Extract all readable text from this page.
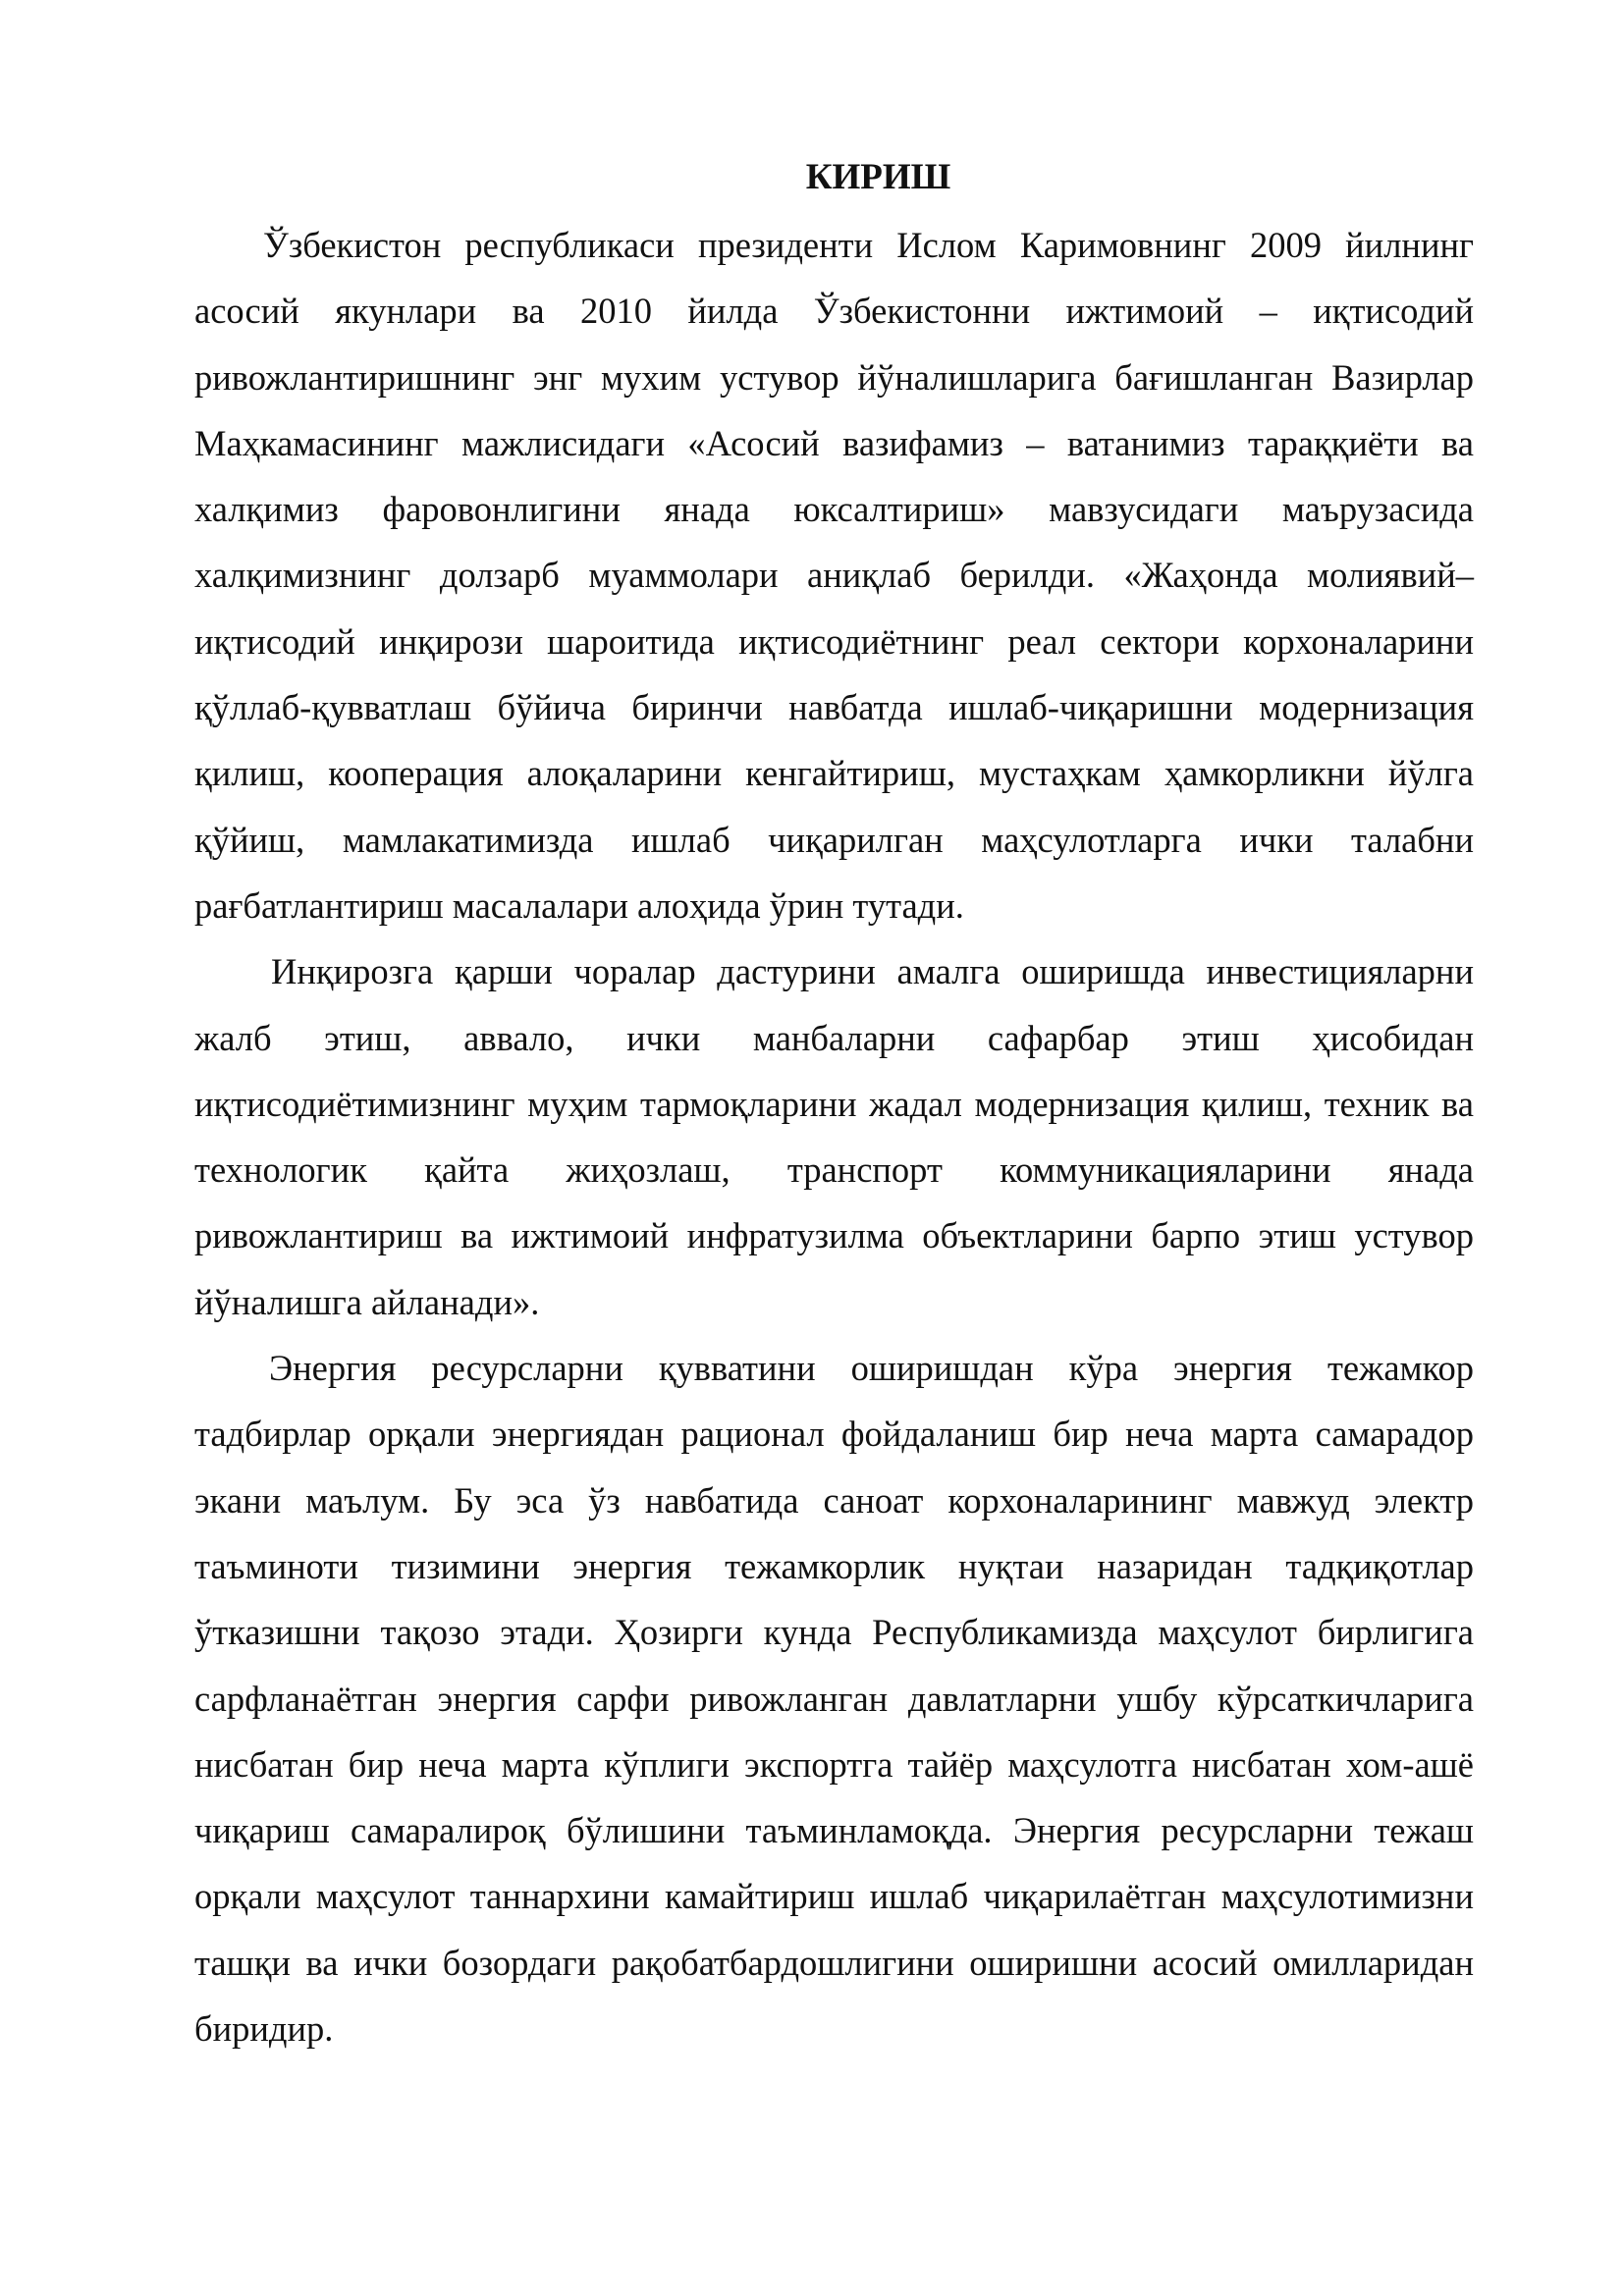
КИРИШ

Ўзбекистон республикаси президенти Ислом Каримовнинг 2009 йилнинг асосий якунлари ва 2010 йилда Ўзбекистонни ижтимоий – иқтисодий ривожлантиришнинг энг мухим устувор йўналишларига бағишланган Вазирлар Маҳкамасининг мажлисидаги «Асосий вазифамиз – ватанимиз тараққиёти ва халқимиз фаровонлигини янада юксалтириш» мавзусидаги маърузасида халқимизнинг долзарб муаммолари аниқлаб берилди. «Жаҳонда молиявий–иқтисодий инқирози шароитида иқтисодиётнинг реал сектори корхоналарини қўллаб-қувватлаш бўйича биринчи навбатда ишлаб-чиқаришни модернизация қилиш, кооперация алоқаларини кенгайтириш, мустаҳкам ҳамкорликни йўлга қўйиш, мамлакатимизда ишлаб чиқарилган маҳсулотларга ички талабни рағбатлантириш масалалари алоҳида ўрин тутади.

Инқирозга қарши чоралар дастурини амалга оширишда инвестицияларни жалб этиш, аввало, ички манбаларни сафарбар этиш ҳисобидан иқтисодиётимизнинг муҳим тармоқларини жадал модернизация қилиш, техник ва технологик қайта жиҳозлаш, транспорт коммуникацияларини янада ривожлантириш ва ижтимоий инфратузилма объектларини барпо этиш устувор йўналишга айланади».

Энергия ресурсларни қувватини оширишдан кўра энергия тежамкор тадбирлар орқали энергиядан рационал фойдаланиш бир неча марта самарадор экани маълум. Бу эса ўз навбатида саноат корхоналарининг мавжуд электр таъминоти тизимини энергия тежамкорлик нуқтаи назаридан тадқиқотлар ўтказишни тақозо этади. Ҳозирги кунда Республикамизда маҳсулот бирлигига сарфланаётган энергия сарфи ривожланган давлатларни ушбу кўрсаткичларига нисбатан бир неча марта кўплиги экспортга тайёр маҳсулотга нисбатан хом-ашё чиқариш самаралироқ бўлишини таъминламоқда. Энергия ресурсларни тежаш орқали маҳсулот таннархини камайтириш ишлаб чиқарилаётган маҳсулотимизни ташқи ва ички бозордаги рақобатбардошлигини оширишни асосий омилларидан биридир.
